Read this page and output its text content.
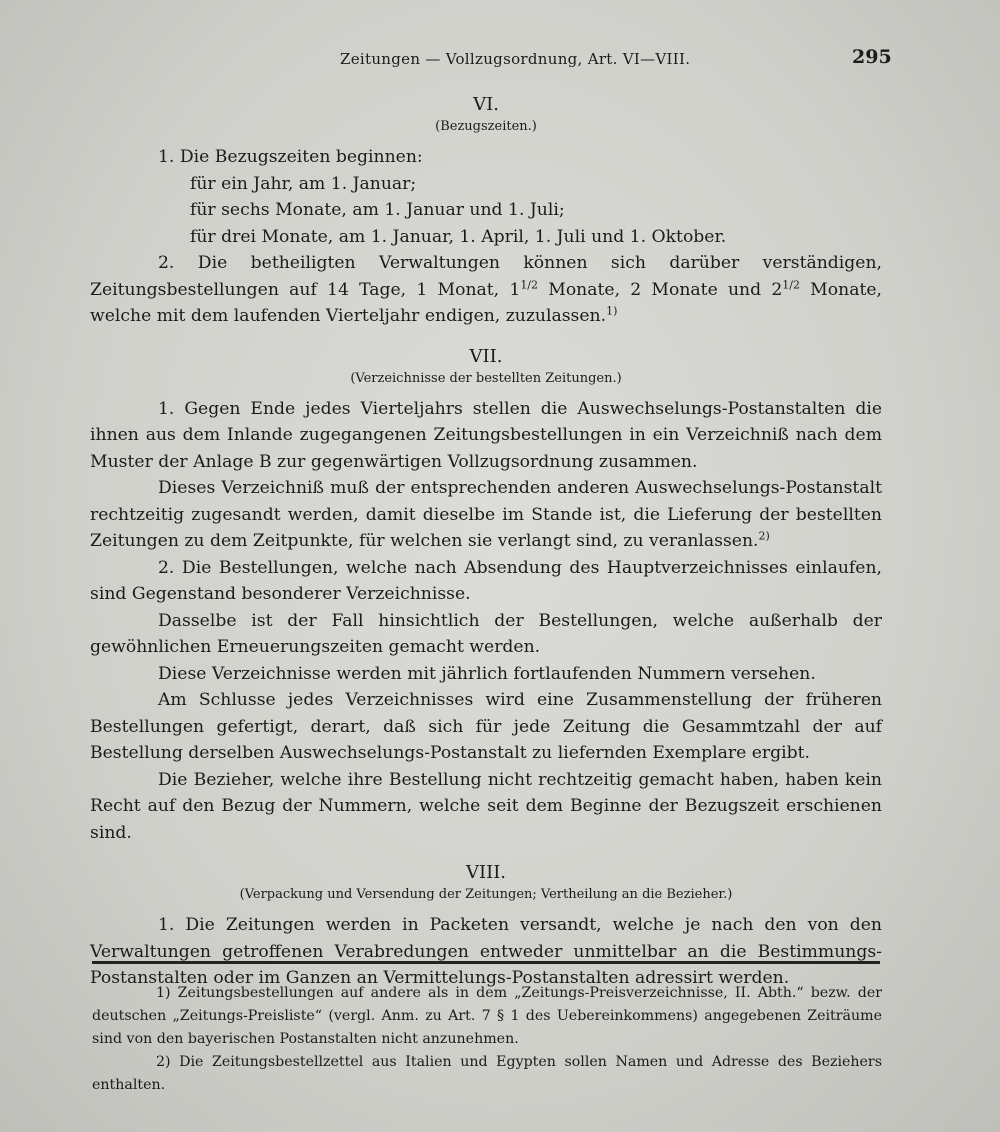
Zeitungen — Vollzugsordnung, Art. VI—VIII.	295
VI.
(Bezugszeiten.)

1. Die Bezugszeiten beginnen:

für ein Jahr, am 1. Januar;
für sechs Monate, am 1. Januar und 1. Juli;
für drei Monate, am 1. Januar, 1. April, 1. Juli und 1. Oktober.

2. Die betheiligten Verwaltungen können sich darüber verständigen, Zeitungsbestellungen auf 14 Tage, 1 Monat, $1^{1/2}$ Monate, 2 Monate und $2^{1/2}$ Monate, welche mit dem laufenden Vierteljahr endigen, zuzulassen.$^{1)}$

VII.
(Verzeichnisse der bestellten Zeitungen.)

1. Gegen Ende jedes Vierteljahrs stellen die Auswechselungs-Postanstalten die ihnen aus dem Inlande zugegangenen Zeitungsbestellungen in ein Verzeichniß nach dem Muster der Anlage B zur gegenwärtigen Vollzugsordnung zusammen.

Dieses Verzeichniß muß der entsprechenden anderen Auswechselungs-Postanstalt rechtzeitig zugesandt werden, damit dieselbe im Stande ist, die Lieferung der bestellten Zeitungen zu dem Zeitpunkte, für welchen sie verlangt sind, zu veranlassen.$^{2)}$

2. Die Bestellungen, welche nach Absendung des Hauptverzeichnisses einlaufen, sind Gegenstand besonderer Verzeichnisse.

Dasselbe ist der Fall hinsichtlich der Bestellungen, welche außerhalb der gewöhnlichen Erneuerungszeiten gemacht werden.

Diese Verzeichnisse werden mit jährlich fortlaufenden Nummern versehen.

Am Schlusse jedes Verzeichnisses wird eine Zusammenstellung der früheren Bestellungen gefertigt, derart, daß sich für jede Zeitung die Gesammtzahl der auf Bestellung derselben Auswechselungs-Postanstalt zu liefernden Exemplare ergibt.

Die Bezieher, welche ihre Bestellung nicht rechtzeitig gemacht haben, haben kein Recht auf den Bezug der Nummern, welche seit dem Beginne der Bezugszeit erschienen sind.

VIII.
(Verpackung und Versendung der Zeitungen; Vertheilung an die Bezieher.)

1. Die Zeitungen werden in Packeten versandt, welche je nach den von den Verwaltungen getroffenen Verabredungen entweder unmittelbar an die Bestimmungs-Postanstalten oder im Ganzen an Vermittelungs-Postanstalten adressirt werden.

1) Zeitungsbestellungen auf andere als in dem „Zeitungs-Preisverzeichnisse, II. Abth.“ bezw. der deutschen „Zeitungs-Preisliste“ (vergl. Anm. zu Art. 7 § 1 des Uebereinkommens) angegebenen Zeiträume sind von den bayerischen Postanstalten nicht anzunehmen.

2) Die Zeitungsbestellzettel aus Italien und Egypten sollen Namen und Adresse des Beziehers enthalten.
